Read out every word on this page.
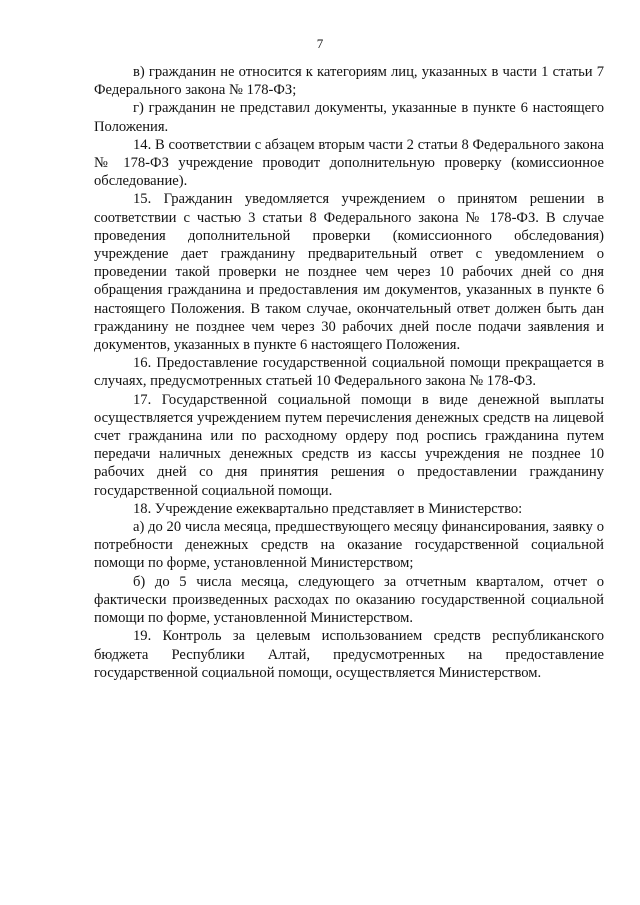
7

в) гражданин не относится к категориям лиц, указанных в части 1 статьи 7 Федерального закона № 178-ФЗ;

г) гражданин не представил документы, указанные в пункте 6 настоящего Положения.

14. В соответствии с абзацем вторым части 2 статьи 8 Федерального закона № 178-ФЗ учреждение проводит дополнительную проверку (комиссионное обследование).

15. Гражданин уведомляется учреждением о принятом решении в соответствии с частью 3 статьи 8 Федерального закона № 178-ФЗ. В случае проведения дополнительной проверки (комиссионного обследования) учреждение дает гражданину предварительный ответ с уведомлением о проведении такой проверки не позднее чем через 10 рабочих дней со дня обращения гражданина и предоставления им документов, указанных в пункте 6 настоящего Положения. В таком случае, окончательный ответ должен быть дан гражданину не позднее чем через 30 рабочих дней после подачи заявления и документов, указанных в пункте 6 настоящего Положения.

16. Предоставление государственной социальной помощи прекращается в случаях, предусмотренных статьей 10 Федерального закона № 178-ФЗ.

17. Государственной социальной помощи в виде денежной выплаты осуществляется учреждением путем перечисления денежных средств на лицевой счет гражданина или по расходному ордеру под роспись гражданина путем передачи наличных денежных средств из кассы учреждения не позднее 10 рабочих дней со дня принятия решения о предоставлении гражданину государственной социальной помощи.

18. Учреждение ежеквартально представляет в Министерство:

а) до 20 числа месяца, предшествующего месяцу финансирования, заявку о потребности денежных средств на оказание государственной социальной помощи по форме, установленной Министерством;

б) до 5 числа месяца, следующего за отчетным кварталом, отчет о фактически произведенных расходах по оказанию государственной социальной помощи по форме, установленной Министерством.

19. Контроль за целевым использованием средств республиканского бюджета Республики Алтай, предусмотренных на предоставление государственной социальной помощи, осуществляется Министерством.
